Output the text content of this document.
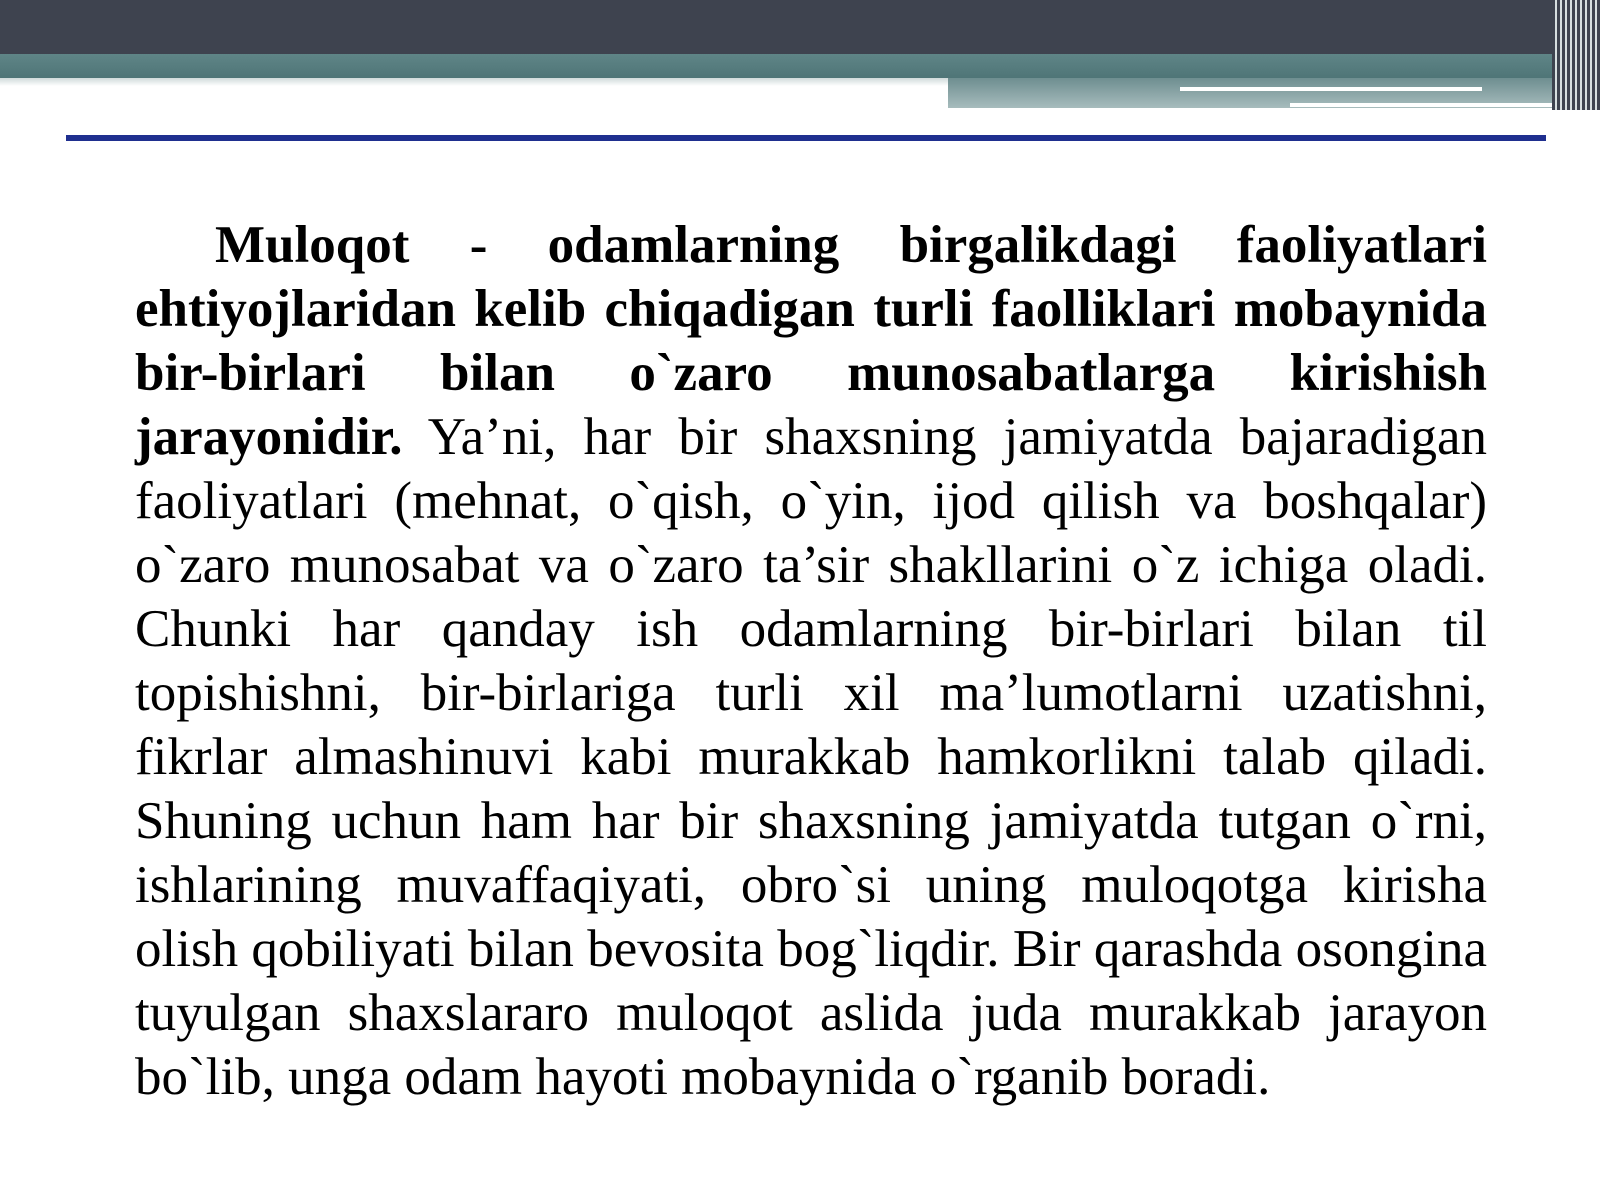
Muloqot - odamlarning birgalikdagi faoliyatlari ehtiyojlaridan kelib chiqadigan turli faolliklari mobaynida bir-birlari bilan o`zaro munosabatlarga kirishish jarayonidir. Ya’ni, har bir shaxsning jamiyatda bajaradigan faoliyatlari (mehnat, o`qish, o`yin, ijod qilish va boshqalar) o`zaro munosabat va o`zaro ta’sir shakllarini o`z ichiga oladi. Chunki har qanday ish odamlarning bir-birlari bilan til topishishni, bir-birlariga turli xil ma’lumotlarni uzatishni, fikrlar almashinuvi kabi murakkab hamkorlikni talab qiladi. Shuning uchun ham har bir shaxsning jamiyatda tutgan o`rni, ishlarining muvaffaqiyati, obro`si uning muloqotga kirisha olish qobiliyati bilan bevosita bog`liqdir. Bir qarashda osongina tuyulgan shaxslararo muloqot aslida juda murakkab jarayon bo`lib, unga odam hayoti mobaynida o`rganib boradi.
